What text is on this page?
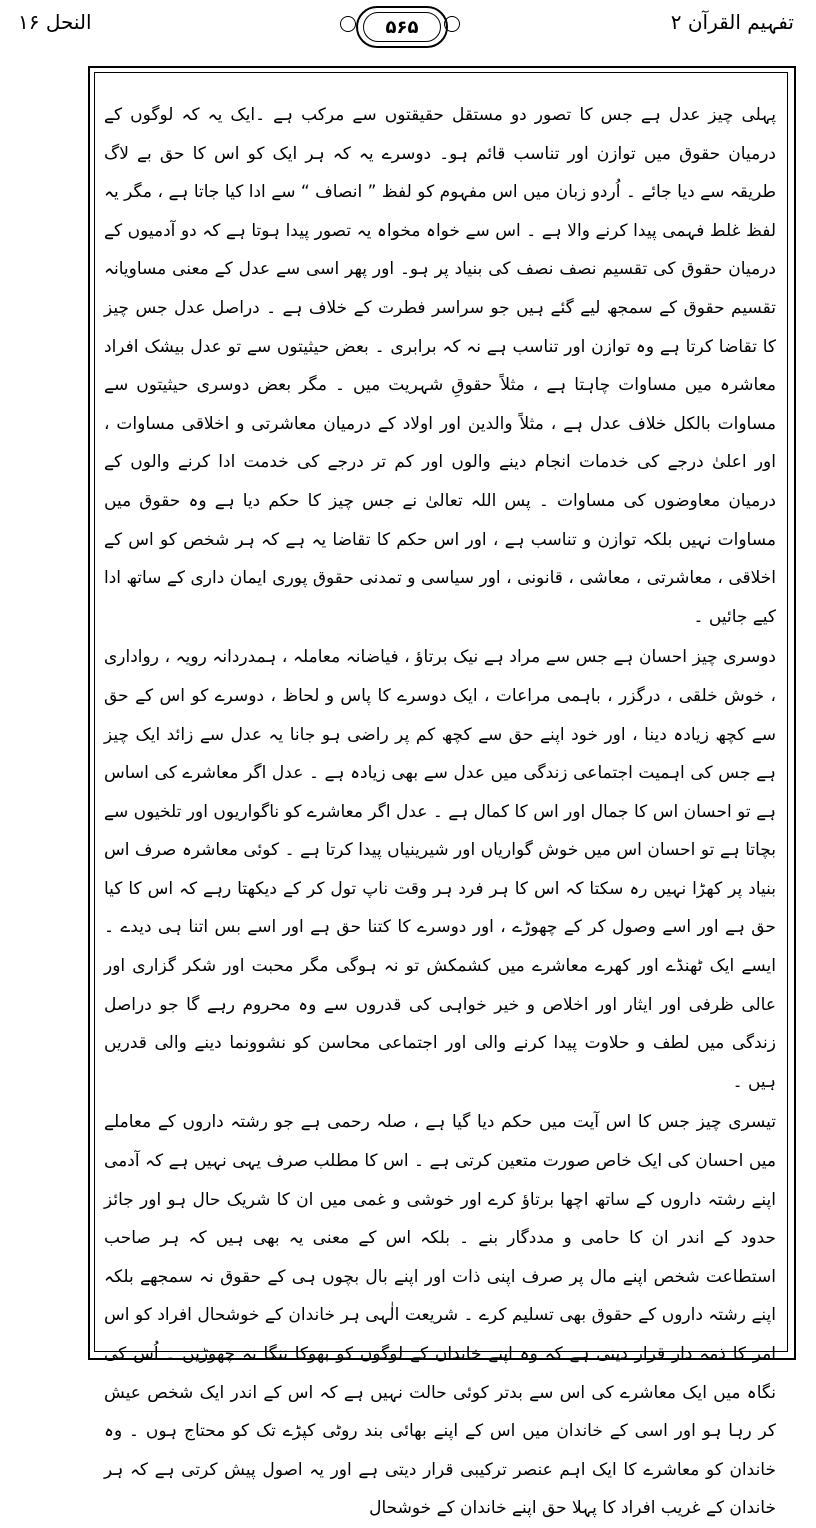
تفہیم القرآن ۲
۵۶۵
النحل ۱۶

پہلی چیز عدل ہے جس کا تصور دو مستقل حقیقتوں سے مرکب ہے ۔ایک یہ کہ لوگوں کے درمیان حقوق میں توازن اور تناسب قائم ہو۔ دوسرے یہ کہ ہر ایک کو اس کا حق بے لاگ طریقہ سے دیا جائے ۔ اُردو زبان میں اس مفہوم کو لفظ ” انصاف “ سے ادا کیا جاتا ہے ، مگر یہ لفظ غلط فہمی پیدا کرنے والا ہے ۔ اس سے خواہ مخواہ یہ تصور پیدا ہوتا ہے کہ دو آدمیوں کے درمیان حقوق کی تقسیم نصف نصف کی بنیاد پر ہو۔ اور پھر اسی سے عدل کے معنی مساویانہ تقسیم حقوق کے سمجھ لیے گئے ہیں جو سراسر فطرت کے خلاف ہے ۔ دراصل عدل جس چیز کا تقاضا کرتا ہے وہ توازن اور تناسب ہے نہ کہ برابری ۔ بعض حیثیتوں سے تو عدل بیشک افراد معاشرہ میں مساوات چاہتا ہے ، مثلاً حقوقِ شہریت میں ۔ مگر بعض دوسری حیثیتوں سے مساوات بالکل خلاف عدل ہے ، مثلاً والدین اور اولاد کے درمیان معاشرتی و اخلاقی مساوات ، اور اعلیٰ درجے کی خدمات انجام دینے والوں اور کم تر درجے کی خدمت ادا کرنے والوں کے درمیان معاوضوں کی مساوات ۔ پس اللہ تعالیٰ نے جس چیز کا حکم دیا ہے وہ حقوق میں مساوات نہیں بلکہ توازن و تناسب ہے ، اور اس حکم کا تقاضا یہ ہے کہ ہر شخص کو اس کے اخلاقی ، معاشرتی ، معاشی ، قانونی ، اور سیاسی و تمدنی حقوق پوری ایمان داری کے ساتھ ادا کیے جائیں ۔

دوسری چیز احسان ہے جس سے مراد ہے نیک برتاؤ ، فیاضانہ معاملہ ، ہمدردانہ رویہ ، رواداری ، خوش خلقی ، درگزر ، باہمی مراعات ، ایک دوسرے کا پاس و لحاظ ، دوسرے کو اس کے حق سے کچھ زیادہ دینا ، اور خود اپنے حق سے کچھ کم پر راضی ہو جانا یہ عدل سے زائد ایک چیز ہے جس کی اہمیت اجتماعی زندگی میں عدل سے بھی زیادہ ہے ۔ عدل اگر معاشرے کی اساس ہے تو احسان اس کا جمال اور اس کا کمال ہے ۔ عدل اگر معاشرے کو ناگواریوں اور تلخیوں سے بچاتا ہے تو احسان اس میں خوش گواریاں اور شیرینیاں پیدا کرتا ہے ۔ کوئی معاشرہ صرف اس بنیاد پر کھڑا نہیں رہ سکتا کہ اس کا ہر فرد ہر وقت ناپ تول کر کے دیکھتا رہے کہ اس کا کیا حق ہے اور اسے وصول کر کے چھوڑے ، اور دوسرے کا کتنا حق ہے اور اسے بس اتنا ہی دیدے ۔ ایسے ایک ٹھنڈے اور کھرے معاشرے میں کشمکش تو نہ ہوگی مگر محبت اور شکر گزاری اور عالی ظرفی اور ایثار اور اخلاص و خیر خواہی کی قدروں سے وہ محروم رہے گا جو دراصل زندگی میں لطف و حلاوت پیدا کرنے والی اور اجتماعی محاسن کو نشوونما دینے والی قدریں ہیں ۔

تیسری چیز جس کا اس آیت میں حکم دیا گیا ہے ، صلہ رحمی ہے جو رشتہ داروں کے معاملے میں احسان کی ایک خاص صورت متعین کرتی ہے ۔ اس کا مطلب صرف یہی نہیں ہے کہ آدمی اپنے رشتہ داروں کے ساتھ اچھا برتاؤ کرے اور خوشی و غمی میں ان کا شریک حال ہو اور جائز حدود کے اندر ان کا حامی و مددگار بنے ۔ بلکہ اس کے معنی یہ بھی ہیں کہ ہر صاحب استطاعت شخص اپنے مال پر صرف اپنی ذات اور اپنے بال بچوں ہی کے حقوق نہ سمجھے بلکہ اپنے رشتہ داروں کے حقوق بھی تسلیم کرے ۔ شریعت الٰہی ہر خاندان کے خوشحال افراد کو اس امر کا ذمہ دار قرار دیتی ہے کہ وہ اپنے خاندان کے لوگوں کو بھوکا ننگا نہ چھوڑیں ۔ اُس کی نگاہ میں ایک معاشرے کی اس سے بدتر کوئی حالت نہیں ہے کہ اس کے اندر ایک شخص عیش کر رہا ہو اور اسی کے خاندان میں اس کے اپنے بھائی بند روٹی کپڑے تک کو محتاج ہوں ۔ وہ خاندان کو معاشرے کا ایک اہم عنصر ترکیبی قرار دیتی ہے اور یہ اصول پیش کرتی ہے کہ ہر خاندان کے غریب افراد کا پہلا حق اپنے خاندان کے خوشحال
